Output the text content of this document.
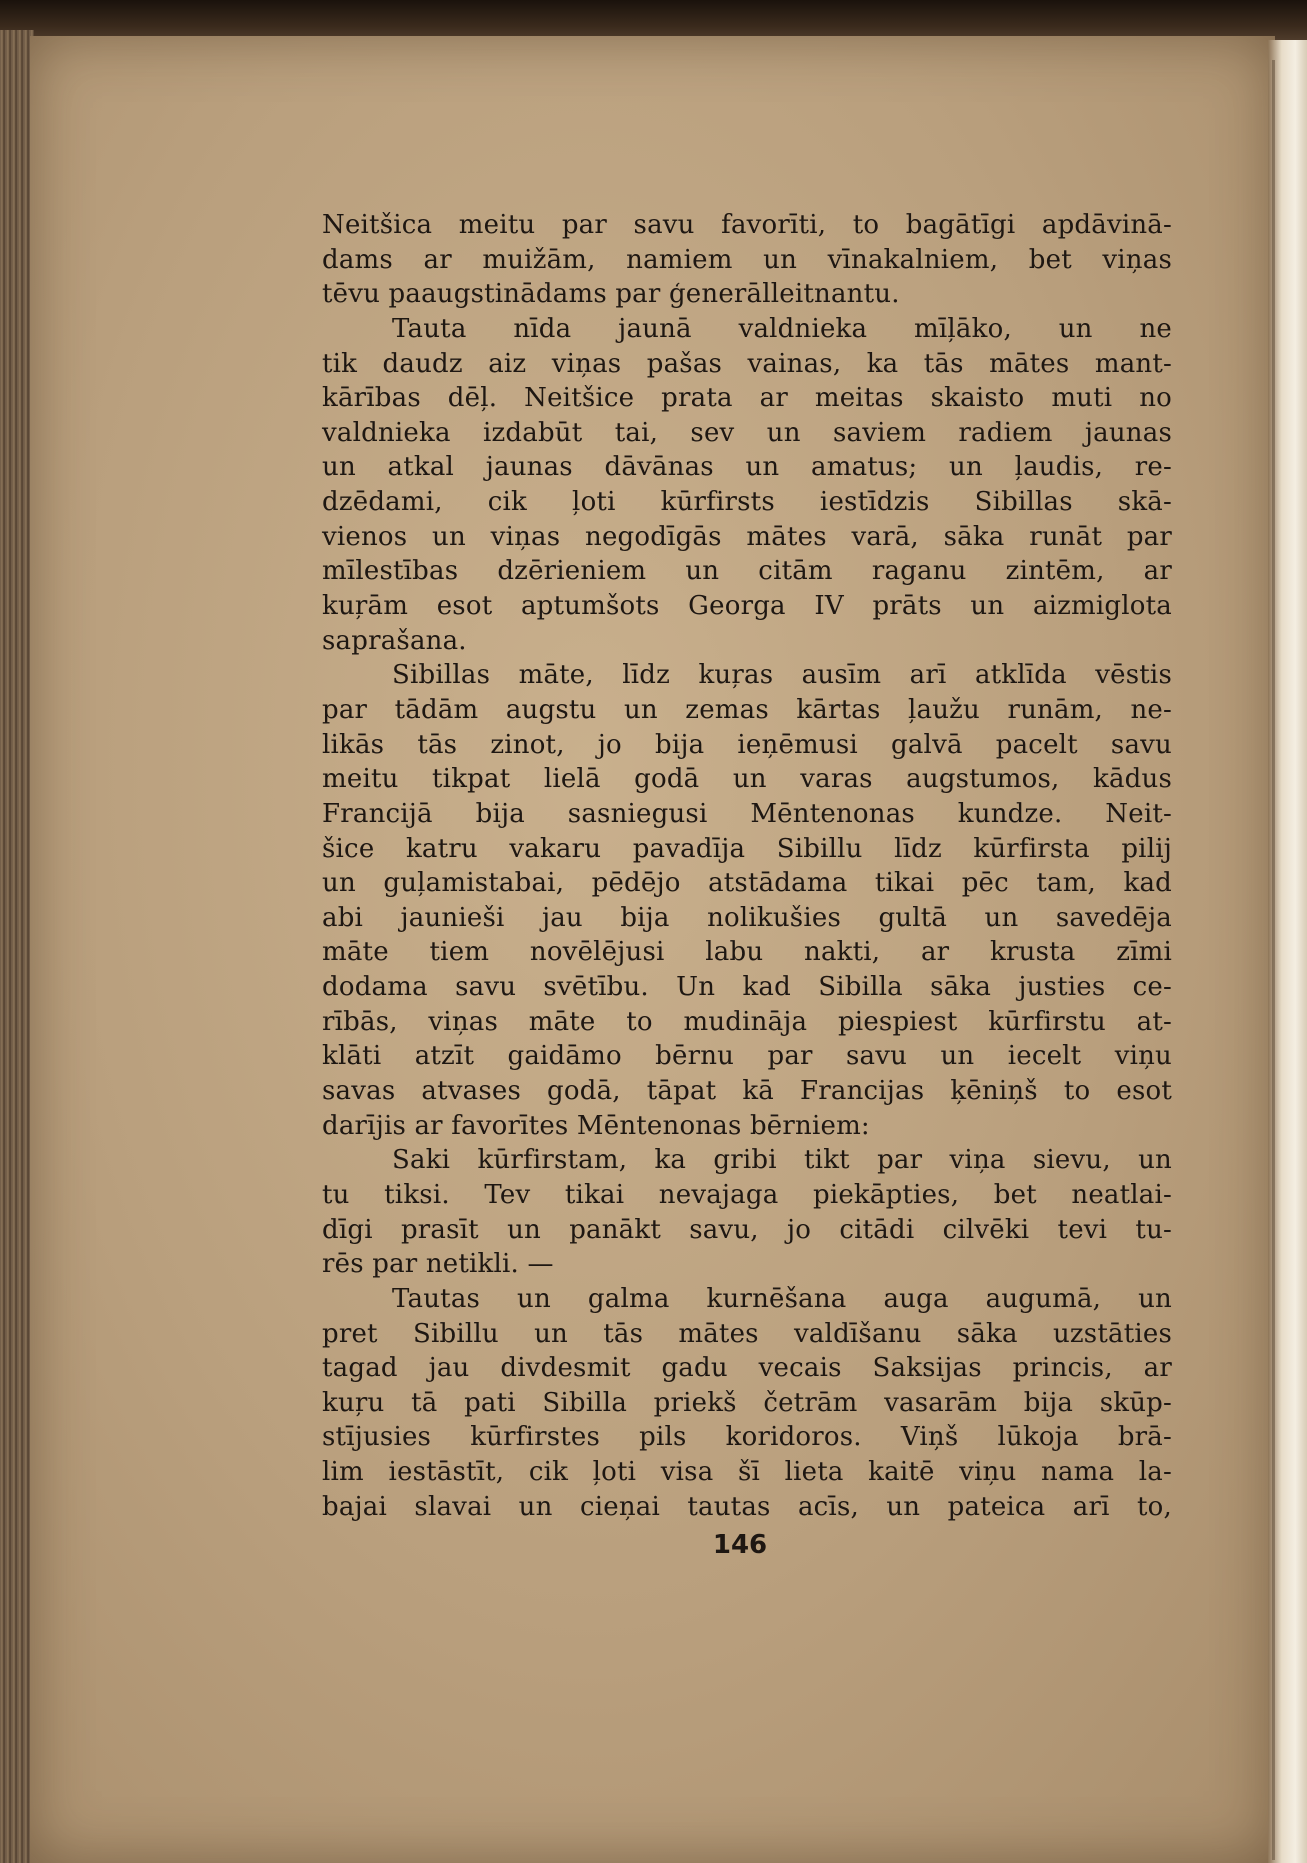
Neitšica meitu par savu favorīti, to bagātīgi apdāvinā-
dams ar muižām, namiem un vīnakalniem, bet viņas
tēvu paaugstinādams par ģenerālleitnantu.
Tauta nīda jaunā valdnieka mīļāko, un ne
tik daudz aiz viņas pašas vainas, ka tās mātes mant-
kārības dēļ. Neitšice prata ar meitas skaisto muti no
valdnieka izdabūt tai, sev un saviem radiem jaunas
un atkal jaunas dāvānas un amatus; un ļaudis, re-
dzēdami, cik ļoti kūrfirsts iestīdzis Sibillas skā-
vienos un viņas negodīgās mātes varā, sāka runāt par
mīlestības dzērieniem un citām raganu zintēm, ar
kuŗām esot aptumšots Georga IV prāts un aizmiglota
saprašana.
Sibillas māte, līdz kuŗas ausīm arī atklīda vēstis
par tādām augstu un zemas kārtas ļaužu runām, ne-
likās tās zinot, jo bija ieņēmusi galvā pacelt savu
meitu tikpat lielā godā un varas augstumos, kādus
Francijā bija sasniegusi Mēntenonas kundze. Neit-
šice katru vakaru pavadīja Sibillu līdz kūrfirsta pilij
un guļamistabai, pēdējo atstādama tikai pēc tam, kad
abi jaunieši jau bija nolikušies gultā un savedēja
māte tiem novēlējusi labu nakti, ar krusta zīmi
dodama savu svētību. Un kad Sibilla sāka justies ce-
rībās, viņas māte to mudināja piespiest kūrfirstu at-
klāti atzīt gaidāmo bērnu par savu un iecelt viņu
savas atvases godā, tāpat kā Francijas ķēniņš to esot
darījis ar favorītes Mēntenonas bērniem:
Saki kūrfirstam, ka gribi tikt par viņa sievu, un
tu tiksi. Tev tikai nevajaga piekāpties, bet neatlai-
dīgi prasīt un panākt savu, jo citādi cilvēki tevi tu-
rēs par netikli. —
Tautas un galma kurnēšana auga augumā, un
pret Sibillu un tās mātes valdīšanu sāka uzstāties
tagad jau divdesmit gadu vecais Saksijas princis, ar
kuŗu tā pati Sibilla priekš četrām vasarām bija skūp-
stījusies kūrfirstes pils koridoros. Viņš lūkoja brā-
lim iestāstīt, cik ļoti visa šī lieta kaitē viņu nama la-
bajai slavai un cieņai tautas acīs, un pateica arī to,
146
